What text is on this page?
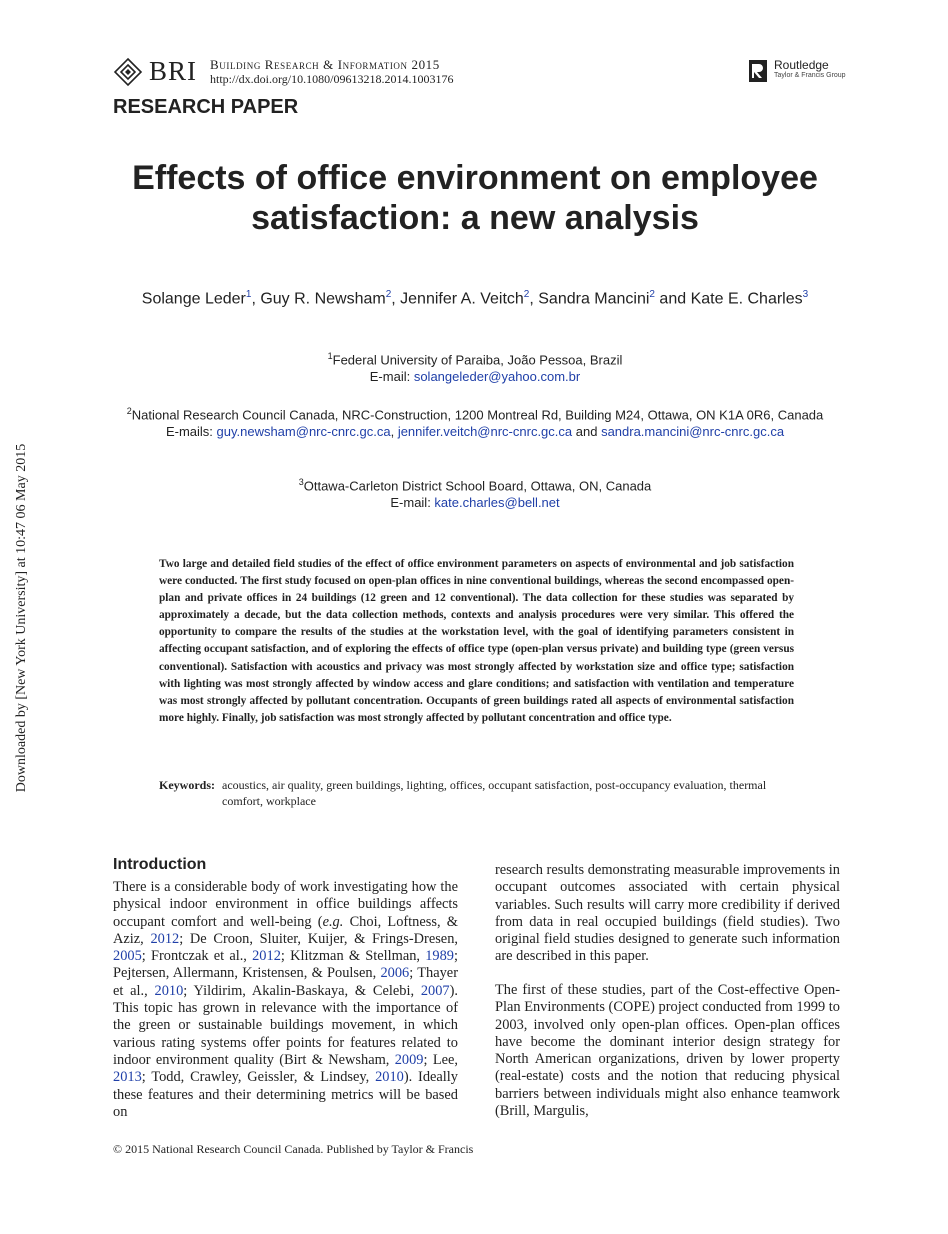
Downloaded by [New York University] at 10:47 06 May 2015
BRI Building Research & Information 2015
http://dx.doi.org/10.1080/09613218.2014.1003176
Routledge
Taylor & Francis Group
RESEARCH PAPER
Effects of office environment on employee satisfaction: a new analysis
Solange Leder$^1$, Guy R. Newsham$^2$, Jennifer A. Veitch$^2$, Sandra Mancini$^2$ and Kate E. Charles$^3$
$^1$Federal University of Paraiba, João Pessoa, Brazil
E-mail: solangeleder@yahoo.com.br
$^2$National Research Council Canada, NRC-Construction, 1200 Montreal Rd, Building M24, Ottawa, ON K1A 0R6, Canada
E-mails: guy.newsham@nrc-cnrc.gc.ca, jennifer.veitch@nrc-cnrc.gc.ca and sandra.mancini@nrc-cnrc.gc.ca
$^3$Ottawa-Carleton District School Board, Ottawa, ON, Canada
E-mail: kate.charles@bell.net

Two large and detailed field studies of the effect of office environment parameters on aspects of environmental and job satisfaction were conducted. The first study focused on open-plan offices in nine conventional buildings, whereas the second encompassed open-plan and private offices in 24 buildings (12 green and 12 conventional). The data collection for these studies was separated by approximately a decade, but the data collection methods, contexts and analysis procedures were very similar. This offered the opportunity to compare the results of the studies at the workstation level, with the goal of identifying parameters consistent in affecting occupant satisfaction, and of exploring the effects of office type (open-plan versus private) and building type (green versus conventional). Satisfaction with acoustics and privacy was most strongly affected by workstation size and office type; satisfaction with lighting was most strongly affected by window access and glare conditions; and satisfaction with ventilation and temperature was most strongly affected by pollutant concentration. Occupants of green buildings rated all aspects of environmental satisfaction more highly. Finally, job satisfaction was most strongly affected by pollutant concentration and office type.

Keywords: acoustics, air quality, green buildings, lighting, offices, occupant satisfaction, post-occupancy evaluation, thermal comfort, workplace
Introduction

There is a considerable body of work investigating how the physical indoor environment in office buildings affects occupant comfort and well-being (e.g. Choi, Loftness, & Aziz, 2012; De Croon, Sluiter, Kuijer, & Frings-Dresen, 2005; Frontczak et al., 2012; Klitzman & Stellman, 1989; Pejtersen, Allermann, Kristensen, & Poulsen, 2006; Thayer et al., 2010; Yildirim, Akalin-Baskaya, & Celebi, 2007). This topic has grown in relevance with the importance of the green or sustainable buildings movement, in which various rating systems offer points for features related to indoor environment quality (Birt & Newsham, 2009; Lee, 2013; Todd, Crawley, Geissler, & Lindsey, 2010). Ideally these features and their determining metrics will be based on

research results demonstrating measurable improvements in occupant outcomes associated with certain physical variables. Such results will carry more credibility if derived from data in real occupied buildings (field studies). Two original field studies designed to generate such information are described in this paper.

The first of these studies, part of the Cost-effective Open-Plan Environments (COPE) project conducted from 1999 to 2003, involved only open-plan offices. Open-plan offices have become the dominant interior design strategy for North American organizations, driven by lower property (real-estate) costs and the notion that reducing physical barriers between individuals might also enhance teamwork (Brill, Margulis,

© 2015 National Research Council Canada. Published by Taylor & Francis
